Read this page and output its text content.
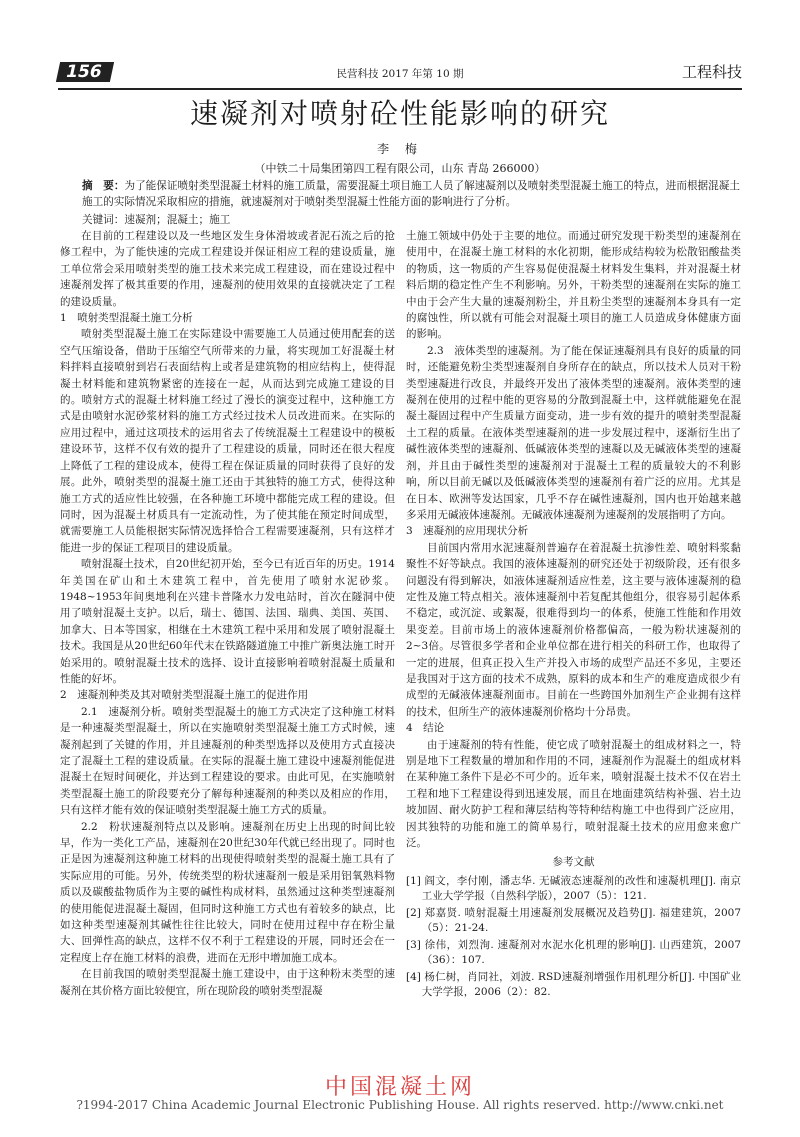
156	民营科技 2017 年第 10 期	工程科技
速凝剂对喷射砼性能影响的研究
李 梅
（中铁二十局集团第四工程有限公司，山东 青岛 266000）
摘　要：为了能保证喷射类型混凝土材料的施工质量，需要混凝土项目施工人员了解速凝剂以及喷射类型混凝土施工的特点，进而根据混凝土施工的实际情况采取相应的措施，就速凝剂对于喷射类型混凝土性能方面的影响进行了分析。
关键词：速凝剂；混凝土；施工

在目前的工程建设以及一些地区发生身体滑坡或者泥石流之后的抢修工程中，为了能快速的完成工程建设并保证相应工程的建设质量，施工单位常会采用喷射类型的施工技术来完成工程建设，而在建设过程中速凝剂发挥了极其重要的作用，速凝剂的使用效果的直接就决定了工程的建设质量。

1　喷射类型混凝土施工分析

喷射类型混凝土施工在实际建设中需要施工人员通过使用配套的送空气压缩设备，借助于压缩空气所带来的力量，将实现加工好混凝土材料拌料直接喷射到岩石表面结构上或者是建筑物的相应结构上，使得混凝土材料能和建筑物紧密的连接在一起，从而达到完成施工建设的目的。喷射方式的混凝土材料施工经过了漫长的演变过程中，这种施工方式是由喷射水泥砂浆材料的施工方式经过技术人员改进而来。在实际的应用过程中，通过这项技术的运用省去了传统混凝土工程建设中的模板建设环节，这样不仅有效的提升了工程建设的质量，同时还在很大程度上降低了工程的建设成本，使得工程在保证质量的同时获得了良好的发展。此外，喷射类型的混凝土施工还由于其独特的施工方式，使得这种施工方式的适应性比较强，在各种施工环境中都能完成工程的建设。但同时，因为混凝土材质具有一定流动性，为了使其能在预定时间成型，就需要施工人员能根据实际情况选择恰合工程需要速凝剂，只有这样才能进一步的保证工程项目的建设质量。

喷射混凝土技术，自20世纪初开始，至今已有近百年的历史。1914年美国在矿山和土木建筑工程中，首先使用了喷射水泥砂浆。1948~1953年间奥地利在兴建卡普隆水力发电站时，首次在隧洞中使用了喷射混凝土支护。以后，瑞士、德国、法国、瑞典、美国、英国、加拿大、日本等国家，相继在土木建筑工程中采用和发展了喷射混凝土技术。我国是从20世纪60年代末在铁路隧道施工中推广新奥法施工时开始采用的。喷射混凝土技术的选择、设计直接影响着喷射混凝土质量和性能的好坏。

2　速凝剂种类及其对喷射类型混凝土施工的促进作用

2.1　速凝剂分析。喷射类型混凝土的施工方式决定了这种施工材料是一种速凝类型混凝土，所以在实施喷射类型混凝土施工方式时候，速凝剂起到了关键的作用，并且速凝剂的种类型选择以及使用方式直接决定了混凝土工程的建设质量。在实际的混凝土施工建设中速凝剂能促进混凝土在短时间硬化，并达到工程建设的要求。由此可见，在实施喷射类型混凝土施工的阶段要充分了解每种速凝剂的种类以及相应的作用，只有这样才能有效的保证喷射类型混凝土施工方式的质量。

2.2　粉状速凝剂特点以及影响。速凝剂在历史上出现的时间比较早，作为一类化工产品，速凝剂在20世纪30年代就已经出现了。同时也正是因为速凝剂这种施工材料的出现使得喷射类型的混凝土施工具有了实际应用的可能。另外，传统类型的粉状速凝剂一般是采用铝氧熟料物质以及碳酸盐物质作为主要的碱性构成材料，虽然通过这种类型速凝剂的使用能促进混凝土凝固，但同时这种施工方式也有着较多的缺点，比如这种类型速凝剂其碱性往往比较大，同时在使用过程中存在粉尘量大、回弹性高的缺点，这样不仅不利于工程建设的开展，同时还会在一定程度上存在施工材料的浪费，进而在无形中增加施工成本。

在目前我国的喷射类型混凝土施工建设中，由于这种粉末类型的速凝剂在其价格方面比较便宜，所在现阶段的喷射类型混凝

土施工领域中仍处于主要的地位。而通过研究发现干粉类型的速凝剂在使用中，在混凝土施工材料的水化初期，能形成结构较为松散铝酸盐类的物质，这一物质的产生容易促使混凝土材料发生集料，并对混凝土材料后期的稳定性产生不利影响。另外，干粉类型的速凝剂在实际的施工中由于会产生大量的速凝剂粉尘，并且粉尘类型的速凝剂本身具有一定的腐蚀性，所以就有可能会对混凝土项目的施工人员造成身体健康方面的影响。

2.3　液体类型的速凝剂。为了能在保证速凝剂具有良好的质量的同时，还能避免粉尘类型速凝剂自身所存在的缺点，所以技术人员对干粉类型速凝进行改良，并最终开发出了液体类型的速凝剂。液体类型的速凝剂在使用的过程中能的更容易的分散到混凝土中，这样就能避免在混凝土凝固过程中产生质量方面变动，进一步有效的提升的喷射类型混凝土工程的质量。在液体类型速凝剂的进一步发展过程中，逐渐衍生出了碱性液体类型的速凝剂、低碱液体类型的速凝以及无碱液体类型的速凝剂，并且由于碱性类型的速凝剂对于混凝土工程的质量较大的不利影响，所以目前无碱以及低碱液体类型的速凝剂有着广泛的应用。尤其是在日本、欧洲等发达国家，几乎不存在碱性速凝剂，国内也开始越来越多采用无碱液体速凝剂。无碱液体速凝剂为速凝剂的发展指明了方向。

3　速凝剂的应用现状分析

目前国内常用水泥速凝剂普遍存在着混凝土抗渗性差、喷射料浆黏聚性不好等缺点。我国的液体速凝剂的研究还处于初级阶段，还有很多问题没有得到解决，如液体速凝剂适应性差，这主要与液体速凝剂的稳定性及施工特点相关。液体速凝剂中若复配其他组分，很容易引起体系不稳定，或沉淀、或絮凝，很难得到均一的体系，使施工性能和作用效果变差。目前市场上的液体速凝剂价格都偏高，一般为粉状速凝剂的2~3倍。尽管很多学者和企业单位都在进行相关的科研工作，也取得了一定的进展，但真正投入生产并投入市场的成型产品还不多见，主要还是我国对于这方面的技术不成熟，原料的成本和生产的难度造成很少有成型的无碱液体速凝剂面市。目前在一些跨国外加剂生产企业拥有这样的技术，但所生产的液体速凝剂价格均十分昂贵。

4　结论

由于速凝剂的特有性能，使它成了喷射混凝土的组成材料之一，特别是地下工程数量的增加和作用的不同，速凝剂作为混凝土的组成材料在某种施工条件下是必不可少的。近年来，喷射混凝土技术不仅在岩土工程和地下工程建设得到迅速发展，而且在地面建筑结构补强、岩土边坡加固、耐火防护工程和薄层结构等特种结构施工中也得到广泛应用，因其独特的功能和施工的简单易行，喷射混凝土技术的应用愈来愈广泛。

参考文献

[1] 阎文，李付刚，潘志华. 无碱液态速凝剂的改性和速凝机理[J]. 南京工业大学学报（自然科学版），2007（5）：121.

[2] 郑嘉贤. 喷射混凝土用速凝剂发展概况及趋势[J]. 福建建筑，2007（5）：21-24.

[3] 徐伟，刘烈洵. 速凝剂对水泥水化机理的影响[J]. 山西建筑，2007（36）：107.

[4] 杨仁树，肖同社，刘波. RSD速凝剂增强作用机理分析[J]. 中国矿业大学学报，2006（2）：82.

中国混凝土网
?1994-2017 China Academic Journal Electronic Publishing House. All rights reserved. http://www.cnki.net
